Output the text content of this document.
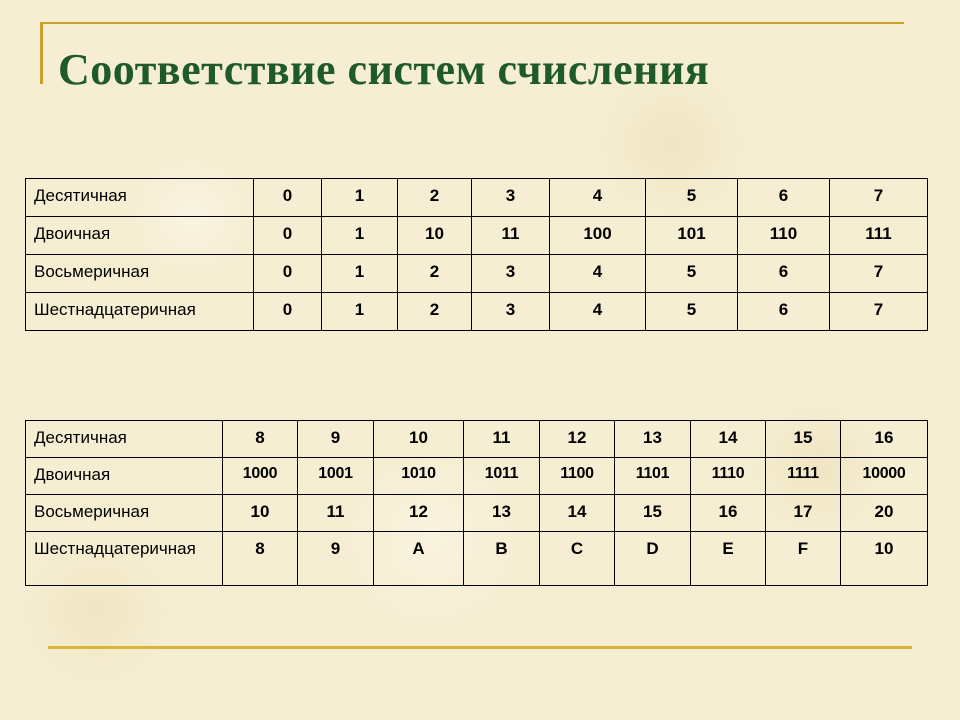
Соответствие систем счисления
Десятичная	0	1	2	3	4	5	6	7
Двоичная	0	1	10	11	100	101	110	111
Восьмеричная	0	1	2	3	4	5	6	7
Шестнадцатеричная	0	1	2	3	4	5	6	7
Десятичная	8	9	10	11	12	13	14	15	16
Двоичная	1000	1001	1010	1011	1100	1101	1110	1111	10000
Восьмеричная	10	11	12	13	14	15	16	17	20
Шестнадцатеричная	8	9	A	B	C	D	E	F	10
